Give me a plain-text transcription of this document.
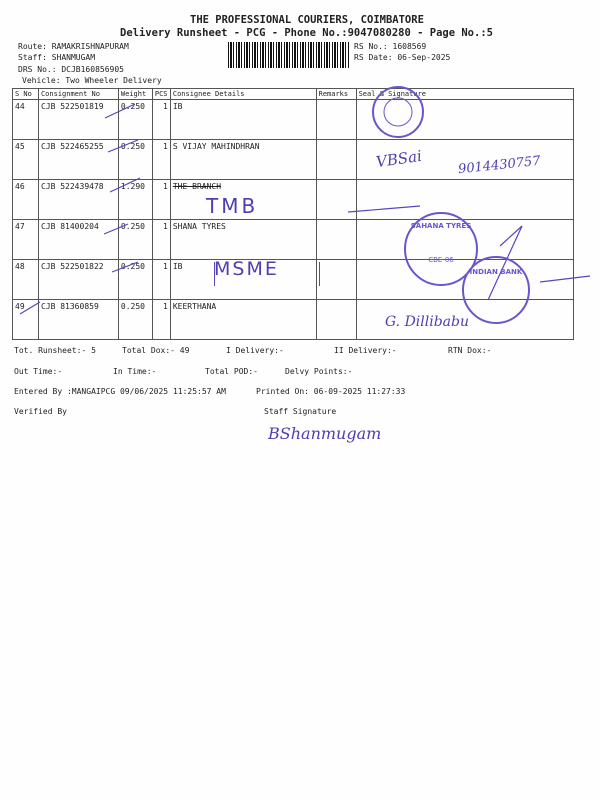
THE PROFESSIONAL COURIERS, COIMBATORE
Delivery Runsheet - PCG - Phone No.:9047080280 - Page No.:5
Route: RAMAKRISHNAPURAM
Staff: SHANMUGAM
DRS No.: DCJB160856905
Vehicle: Two Wheeler Delivery
RS No.: 1608569
RS Date: 06-Sep-2025
S No	Consignment No	Weight	PCS	Consignee Details	Remarks	Seal & Signature
44	CJB 522501819	0.250	1	IB		
45	CJB 522465255	0.250	1	S VIJAY MAHINDHRAN		
46	CJB 522439478	1.290	1	THE BRANCH		
47	CJB 81400204	0.250	1	SHANA TYRES		
48	CJB 522501822	0.250	1	IB		
49	CJB 81360859	0.250	1	KEERTHANA		
TMB
MSME
G. Dillibabu
VBSai	9014430757
SAHANA TYRES
CBE-06
INDIAN BANK
Tot. Runsheet:- 5	Total Dox:- 49	I Delivery:-	II Delivery:-	RTN Dox:-
Out Time:-	In Time:-	Total POD:-	Delvy Points:-
Entered By :MANGAIPCG 09/06/2025 11:25:57 AM	Printed On: 06-09-2025 11:27:33
Verified By	Staff Signature
BShanmugam
